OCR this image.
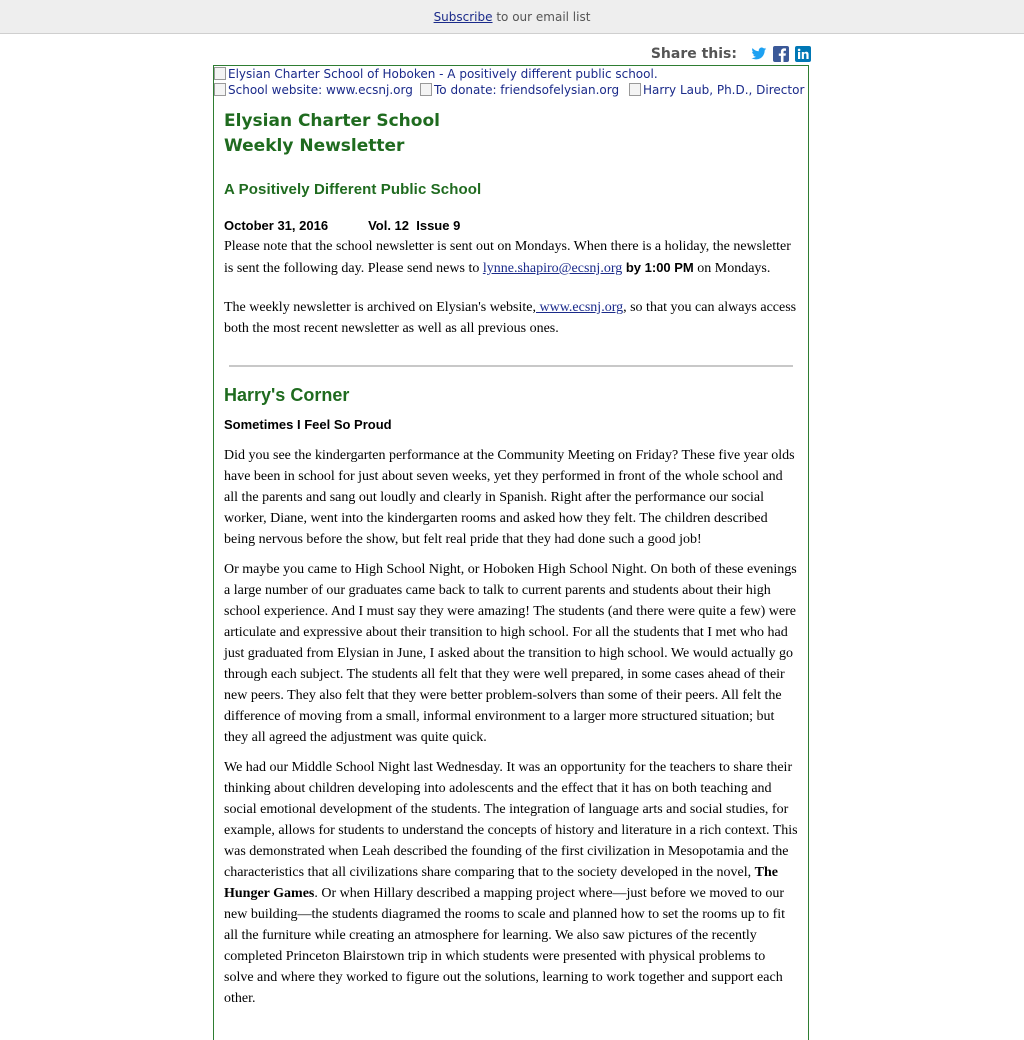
Subscribe to our email list
Share this:
Elysian Charter School of Hoboken - A positively different public school.
School website: www.ecsnj.org	To donate: friendsofelysian.org	Harry Laub, Ph.D., Director
Elysian Charter School
Weekly Newsletter
A Positively Different Public School
October 31, 2016	Vol. 12  Issue 9

Please note that the school newsletter is sent out on Mondays. When there is a holiday, the newsletter is sent the following day. Please send news to lynne.shapiro@ecsnj.org by 1:00 PM on Mondays.

The weekly newsletter is archived on Elysian's website, www.ecsnj.org, so that you can always access both the most recent newsletter as well as all previous ones.

Harry's Corner
Sometimes I Feel So Proud

Did you see the kindergarten performance at the Community Meeting on Friday? These five year olds have been in school for just about seven weeks, yet they performed in front of the whole school and all the parents and sang out loudly and clearly in Spanish. Right after the performance our social worker, Diane, went into the kindergarten rooms and asked how they felt. The children described being nervous before the show, but felt real pride that they had done such a good job!

Or maybe you came to High School Night, or Hoboken High School Night. On both of these evenings a large number of our graduates came back to talk to current parents and students about their high school experience. And I must say they were amazing! The students (and there were quite a few) were articulate and expressive about their transition to high school. For all the students that I met who had just graduated from Elysian in June, I asked about the transition to high school. We would actually go through each subject. The students all felt that they were well prepared, in some cases ahead of their new peers. They also felt that they were better problem-solvers than some of their peers. All felt the difference of moving from a small, informal environment to a larger more structured situation; but they all agreed the adjustment was quite quick.

We had our Middle School Night last Wednesday. It was an opportunity for the teachers to share their thinking about children developing into adolescents and the effect that it has on both teaching and social emotional development of the students. The integration of language arts and social studies, for example, allows for students to understand the concepts of history and literature in a rich context. This was demonstrated when Leah described the founding of the first civilization in Mesopotamia and the characteristics that all civilizations share comparing that to the society developed in the novel, The Hunger Games. Or when Hillary described a mapping project where—just before we moved to our new building—the students diagramed the rooms to scale and planned how to set the rooms up to fit all the furniture while creating an atmosphere for learning. We also saw pictures of the recently completed Princeton Blairstown trip in which students were presented with physical problems to solve and where they worked to figure out the solutions, learning to work together and support each other.
